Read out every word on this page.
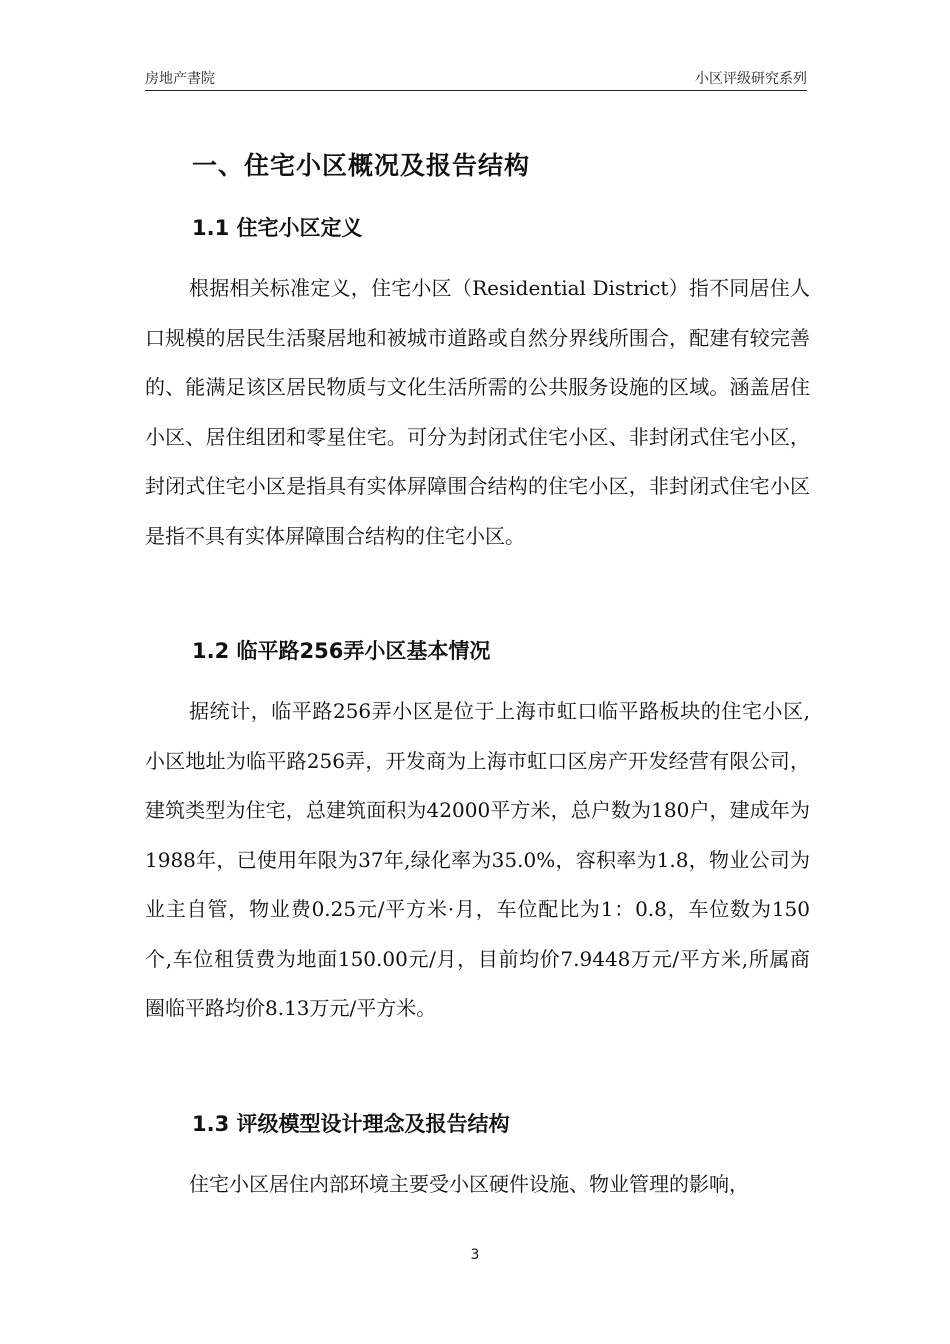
房地产書院	小区评级研究系列
一、住宅小区概况及报告结构
1.1 住宅小区定义

根据相关标准定义，住宅小区（Residential District）指不同居住人口规模的居民生活聚居地和被城市道路或自然分界线所围合，配建有较完善的、能满足该区居民物质与文化生活所需的公共服务设施的区域。涵盖居住小区、居住组团和零星住宅。可分为封闭式住宅小区、非封闭式住宅小区，封闭式住宅小区是指具有实体屏障围合结构的住宅小区，非封闭式住宅小区是指不具有实体屏障围合结构的住宅小区。

1.2 临平路256弄小区基本情况

据统计，临平路256弄小区是位于上海市虹口临平路板块的住宅小区,小区地址为临平路256弄，开发商为上海市虹口区房产开发经营有限公司，建筑类型为住宅，总建筑面积为42000平方米，总户数为180户，建成年为1988年，已使用年限为37年,绿化率为35.0%，容积率为1.8，物业公司为业主自管，物业费0.25元/平方米·月，车位配比为1：0.8，车位数为150个,车位租赁费为地面150.00元/月，目前均价7.9448万元/平方米,所属商圈临平路均价8.13万元/平方米。

1.3 评级模型设计理念及报告结构

住宅小区居住内部环境主要受小区硬件设施、物业管理的影响，

3
